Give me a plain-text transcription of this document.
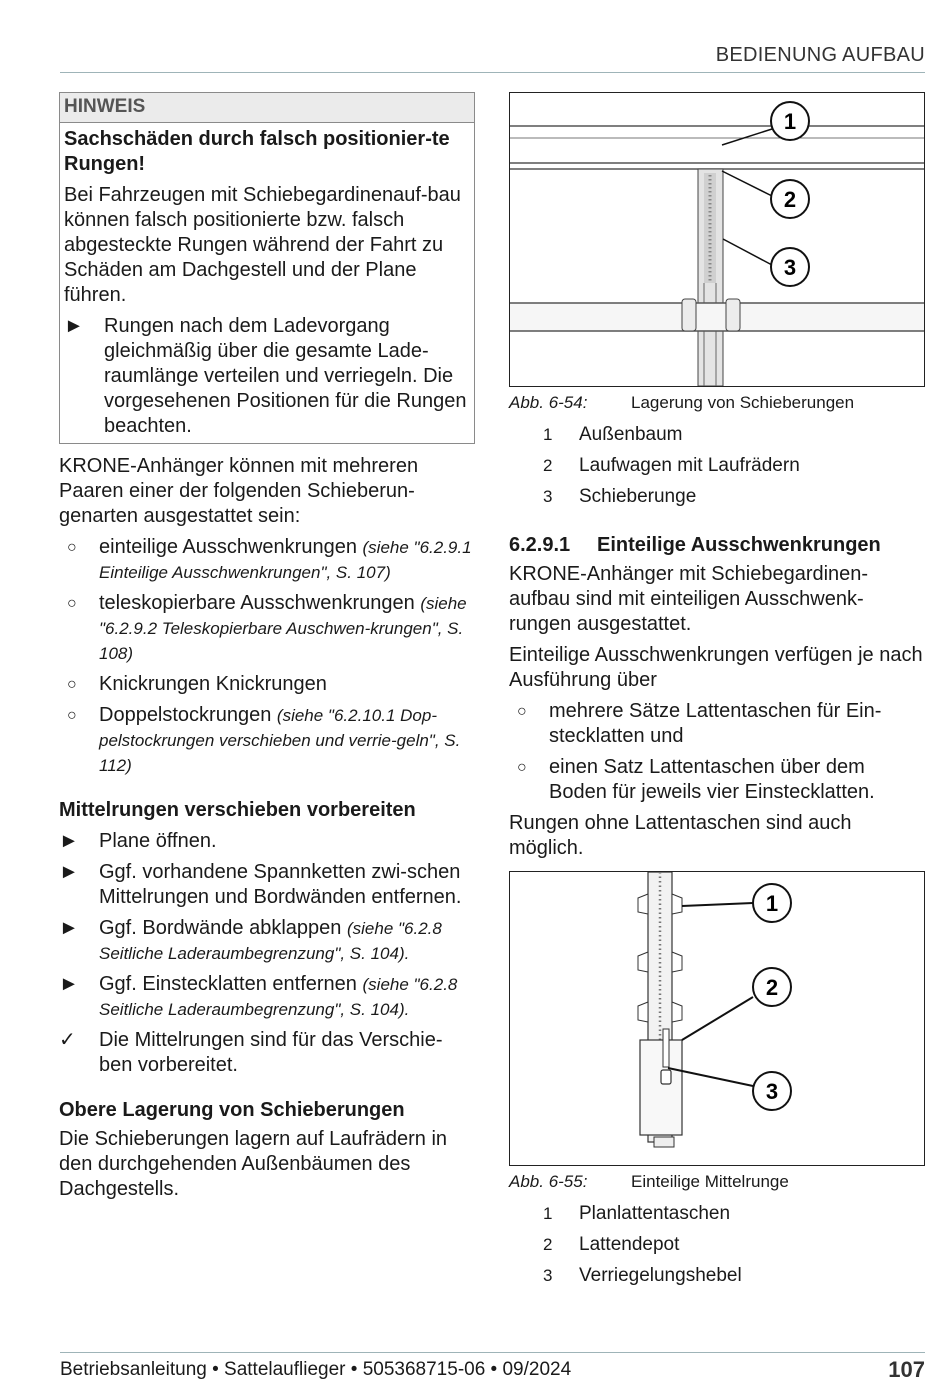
BEDIENUNG AUFBAU
HINWEIS
Sachschäden durch falsch positionier-te Rungen!

Bei Fahrzeugen mit Schiebegardinenauf-bau können falsch positionierte bzw. falsch abgesteckte Rungen während der Fahrt zu Schäden am Dachgestell und der Plane führen.

►	Rungen nach dem Ladevorgang gleichmäßig über die gesamte Lade-raumlänge verteilen und verriegeln. Die vorgesehenen Positionen für die Rungen beachten.

KRONE-Anhänger können mit mehreren Paaren einer der folgenden Schieberun-genarten ausgestattet sein:

○	einteilige Ausschwenkrungen (siehe "6.2.9.1 Einteilige Ausschwenkrungen", S. 107)
○	teleskopierbare Ausschwenkrungen (siehe "6.2.9.2 Teleskopierbare Auschwen-krungen", S. 108)
○	Knickrungen Knickrungen
○	Doppelstockrungen (siehe "6.2.10.1 Dop-pelstockrungen verschieben und verrie-geln", S. 112)
Mittelrungen verschieben vorbereiten
►	Plane öffnen.
►	Ggf. vorhandene Spannketten zwi-schen Mittelrungen und Bordwänden entfernen.
►	Ggf. Bordwände abklappen (siehe "6.2.8 Seitliche Laderaumbegrenzung", S. 104).
►	Ggf. Einstecklatten entfernen (siehe "6.2.8 Seitliche Laderaumbegrenzung", S. 104).
✓	Die Mittelrungen sind für das Verschie-ben vorbereitet.
Obere Lagerung von Schieberungen

Die Schieberungen lagern auf Laufrädern in den durchgehenden Außenbäumen des Dachgestells.

1
2
3
Abb. 6-54:	Lagerung von Schieberungen
1	Außenbaum
2	Laufwagen mit Laufrädern
3	Schieberunge
6.2.9.1 Einteilige Ausschwenkrungen

KRONE-Anhänger mit Schiebegardinen-aufbau sind mit einteiligen Ausschwenk-rungen ausgestattet.

Einteilige Ausschwenkrungen verfügen je nach Ausführung über

○	mehrere Sätze Lattentaschen für Ein-stecklatten und
○	einen Satz Lattentaschen über dem Boden für jeweils vier Einstecklatten.

Rungen ohne Lattentaschen sind auch möglich.

1
2
3
Abb. 6-55:	Einteilige Mittelrunge
1	Planlattentaschen
2	Lattendepot
3	Verriegelungshebel
Betriebsanleitung • Sattelauflieger • 505368715-06 • 09/2024	107
